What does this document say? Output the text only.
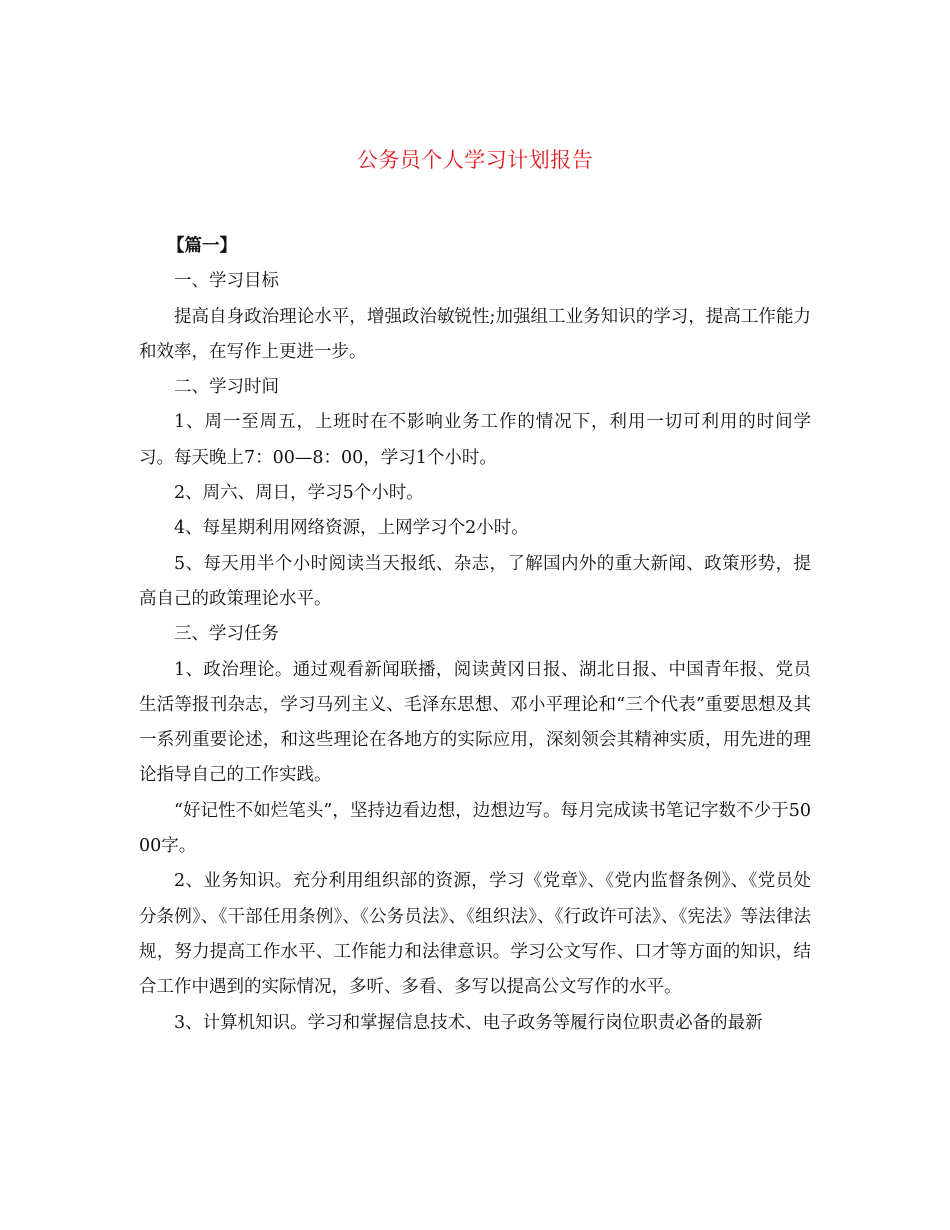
公务员个人学习计划报告

【篇一】

一、学习目标

提高自身政治理论水平，增强政治敏锐性;加强组工业务知识的学习，提高工作能力和效率，在写作上更进一步。

二、学习时间

1、周一至周五，上班时在不影响业务工作的情况下，利用一切可利用的时间学习。每天晚上7：00—8：00，学习1个小时。

2、周六、周日，学习5个小时。

4、每星期利用网络资源，上网学习个2小时。

5、每天用半个小时阅读当天报纸、杂志，了解国内外的重大新闻、政策形势，提高自己的政策理论水平。

三、学习任务

1、政治理论。通过观看新闻联播，阅读黄冈日报、湖北日报、中国青年报、党员生活等报刊杂志，学习马列主义、毛泽东思想、邓小平理论和“三个代表”重要思想及其一系列重要论述，和这些理论在各地方的实际应用，深刻领会其精神实质，用先进的理论指导自己的工作实践。

“好记性不如烂笔头”，坚持边看边想，边想边写。每月完成读书笔记字数不少于5000字。

2、业务知识。充分利用组织部的资源，学习《党章》、《党内监督条例》、《党员处分条例》、《干部任用条例》、《公务员法》、《组织法》、《行政许可法》、《宪法》等法律法规，努力提高工作水平、工作能力和法律意识。学习公文写作、口才等方面的知识，结合工作中遇到的实际情况，多听、多看、多写以提高公文写作的水平。

3、计算机知识。学习和掌握信息技术、电子政务等履行岗位职责必备的最新
